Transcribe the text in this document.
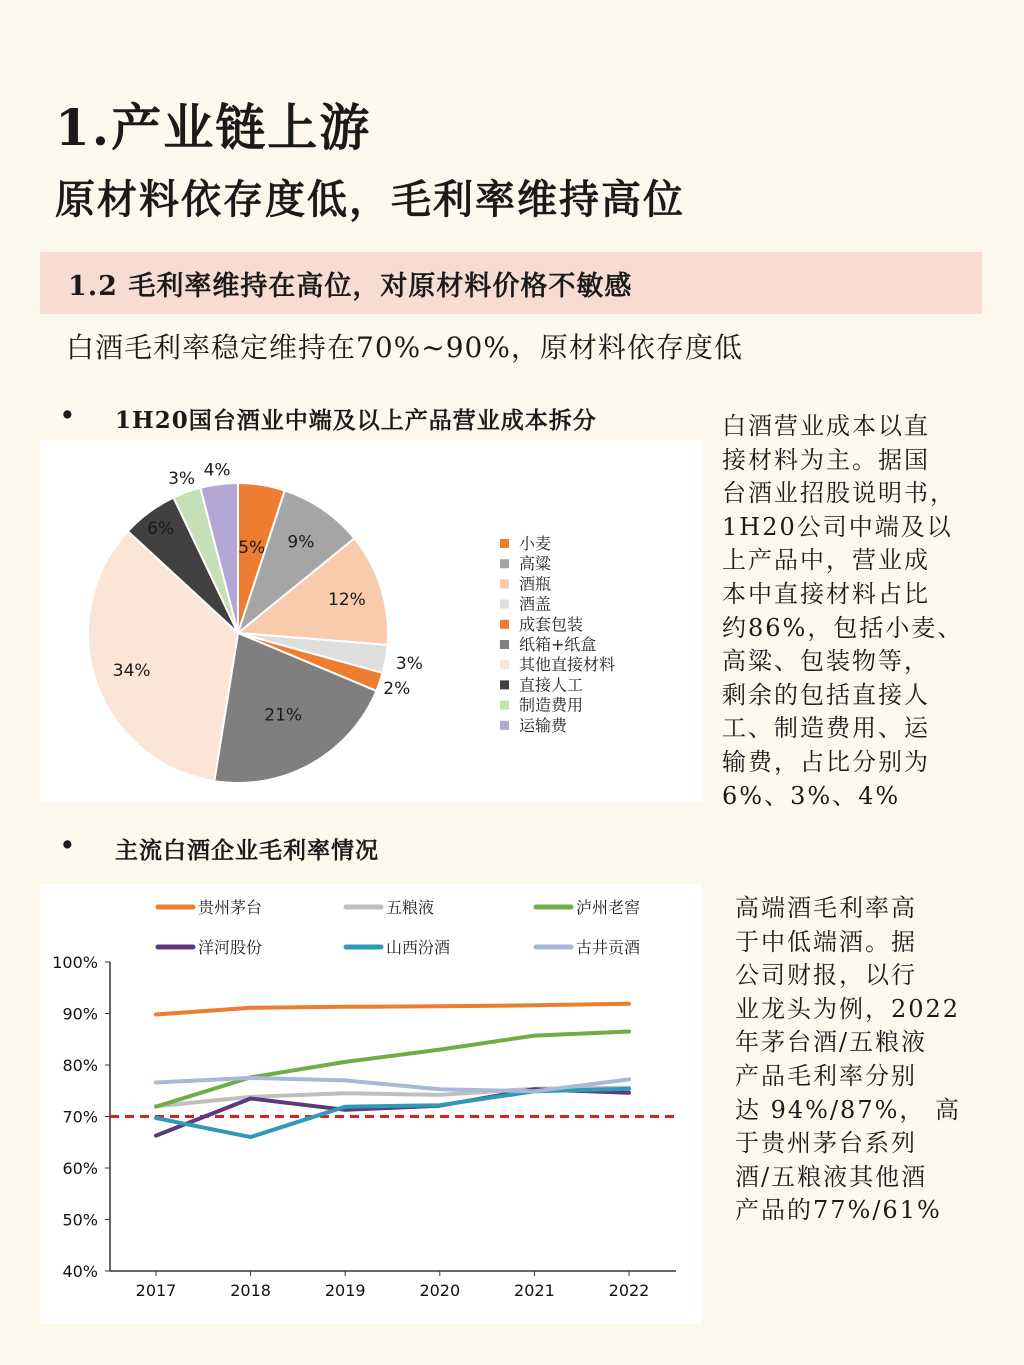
1.产业链上游
原材料依存度低，毛利率维持高位
1.2 毛利率维持在高位，对原材料价格不敏感
白酒毛利率稳定维持在70%~90%，原材料依存度低
• 1H20国台酒业中端及以上产品营业成本拆分
5% 9%
12%
3%
2%
21%
34%
6%
3% 4%
小麦
高粱
酒瓶
酒盖
成套包装
纸箱+纸盒
其他直接材料
直接人工
制造费用
运输费

白酒营业成本以直

接材料为主。据国

台酒业招股说明书，

1H20公司中端及以

上产品中，营业成

本中直接材料占比

约86%，包括小麦、

高粱、包装物等，

剩余的包括直接人

工、制造费用、运

输费，占比分别为

6%、3%、4%

• 主流白酒企业毛利率情况
40%
50%
60%
70%
80%
90%
100%
2017	2018	2019	2020	2021	2022
贵州茅台	五粮液	泸州老窖
洋河股份	山西汾酒	古井贡酒

高端酒毛利率高

于中低端酒。据

公司财报，以行

业龙头为例，2022

年茅台酒/五粮液

产品毛利率分别

达 94%/87%， 高

于贵州茅台系列

酒/五粮液其他酒

产品的77%/61%
